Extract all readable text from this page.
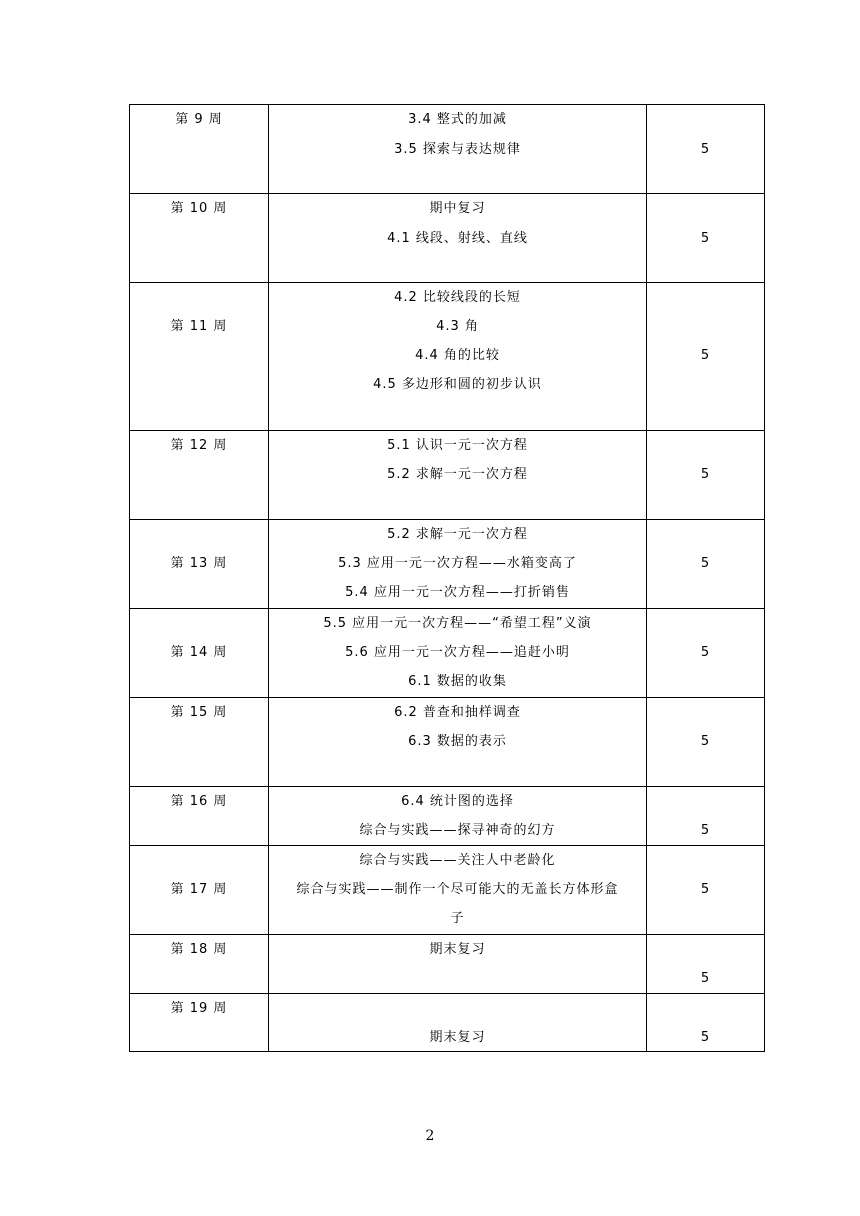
第 9 周	3.4 整式的加减
3.5 探索与表达规律	5

第 10 周	期中复习
4.1 线段、射线、直线	5

第 11 周	4.2 比较线段的长短
4.3 角
4.4 角的比较
4.5 多边形和圆的初步认识	5

第 12 周	5.1 认识一元一次方程
5.2 求解一元一次方程	5

第 13 周	5.2 求解一元一次方程
5.3 应用一元一次方程——水箱变高了
5.4 应用一元一次方程——打折销售	5

第 14 周	5.5 应用一元一次方程——“希望工程”义演
5.6 应用一元一次方程——追赶小明
6.1 数据的收集	5

第 15 周	6.2 普查和抽样调查
6.3 数据的表示	5

第 16 周	6.4 统计图的选择
综合与实践——探寻神奇的幻方	5

第 17 周	综合与实践——关注人中老龄化
综合与实践——制作一个尽可能大的无盖长方体形盒
子	5

第 18 周	期末复习	5

第 19 周	期末复习	5
2
